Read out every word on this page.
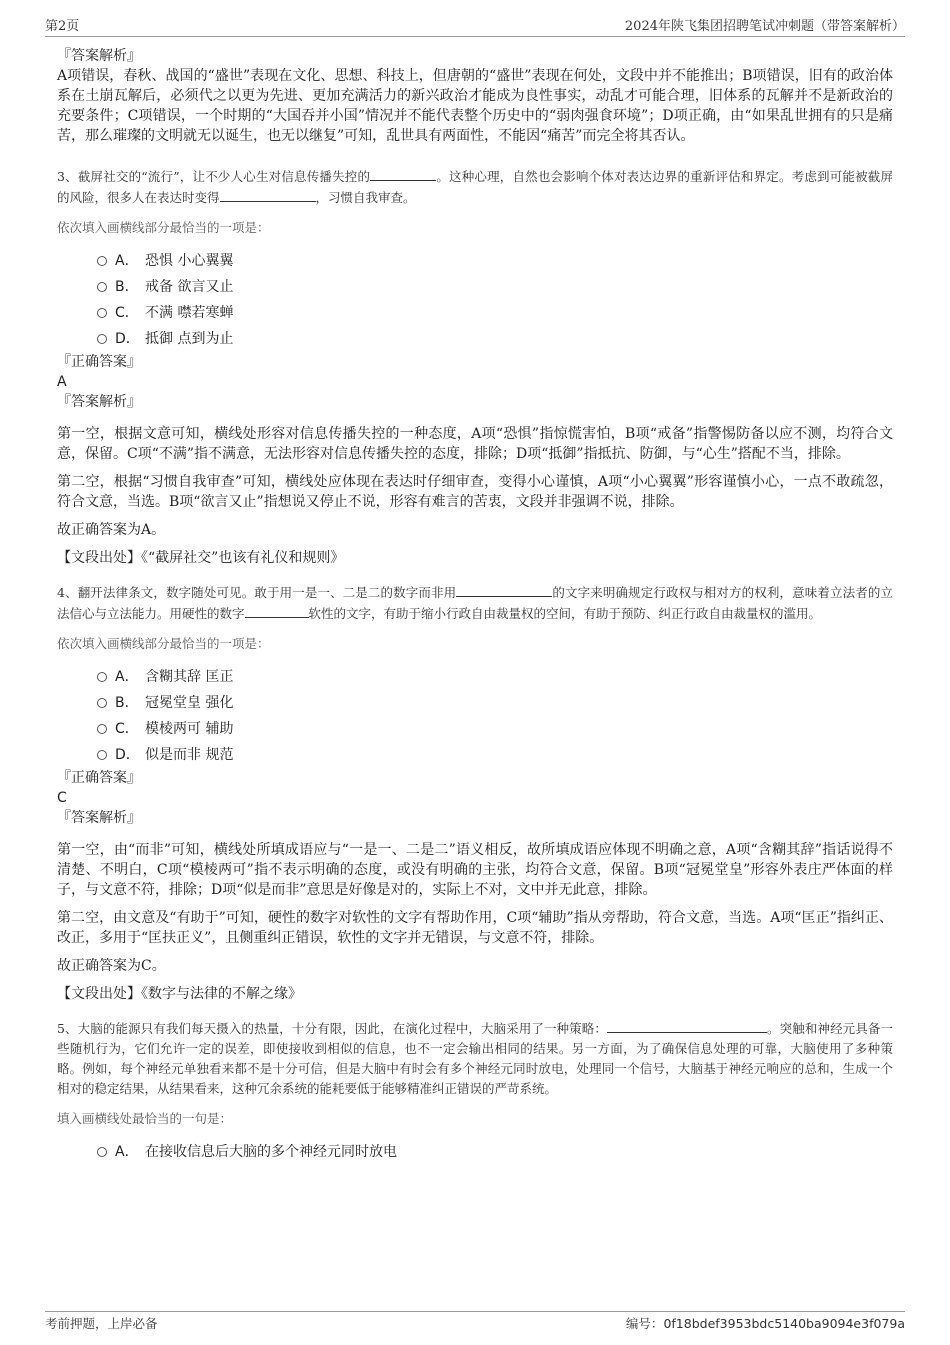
第2页	2024年陕飞集团招聘笔试冲刺题（带答案解析）
『答案解析』

A项错误，春秋、战国的“盛世”表现在文化、思想、科技上，但唐朝的“盛世”表现在何处，文段中并不能推出；B项错误，旧有的政治体系在土崩瓦解后，必须代之以更为先进、更加充满活力的新兴政治才能成为良性事实，动乱才可能合理，旧体系的瓦解并不是新政治的充要条件；C项错误，一个时期的“大国吞并小国”情况并不能代表整个历史中的“弱肉强食环境”；D项正确，由“如果乱世拥有的只是痛苦，那么璀璨的文明就无以诞生，也无以继复”可知，乱世具有两面性，不能因“痛苦”而完全将其否认。

3、截屏社交的“流行”，让不少人心生对信息传播失控的	。这种心理，自然也会影响个体对表达边界的重新评估和界定。考虑到可能被截屏的风险，很多人在表达时变得	，习惯自我审查。

依次填入画横线部分最恰当的一项是：

A． 恐惧 小心翼翼
B． 戒备 欲言又止
C． 不满 噤若寒蝉
D． 抵御 点到为止
『正确答案』
A
『答案解析』

第一空，根据文意可知，横线处形容对信息传播失控的一种态度，A项“恐惧”指惊慌害怕，B项“戒备”指警惕防备以应不测，均符合文意，保留。C项“不满”指不满意，无法形容对信息传播失控的态度，排除；D项“抵御”指抵抗、防御，与“心生”搭配不当，排除。

第二空，根据“习惯自我审查”可知，横线处应体现在表达时仔细审查，变得小心谨慎，A项“小心翼翼”形容谨慎小心，一点不敢疏忽，符合文意，当选。B项“欲言又止”指想说又停止不说，形容有难言的苦衷，文段并非强调不说，排除。

故正确答案为A。

【文段出处】《“截屏社交”也该有礼仪和规则》

4、翻开法律条文，数字随处可见。敢于用一是一、二是二的数字而非用	的文字来明确规定行政权与相对方的权利，意味着立法者的立法信心与立法能力。用硬性的数字	软性的文字，有助于缩小行政自由裁量权的空间，有助于预防、纠正行政自由裁量权的滥用。

依次填入画横线部分最恰当的一项是：

A． 含糊其辞 匡正
B． 冠冕堂皇 强化
C． 模棱两可 辅助
D． 似是而非 规范
『正确答案』
C
『答案解析』

第一空，由“而非”可知，横线处所填成语应与“一是一、二是二”语义相反，故所填成语应体现不明确之意，A项“含糊其辞”指话说得不清楚、不明白，C项“模棱两可”指不表示明确的态度，或没有明确的主张，均符合文意，保留。B项“冠冕堂皇”形容外表庄严体面的样子，与文意不符，排除；D项“似是而非”意思是好像是对的，实际上不对，文中并无此意，排除。

第二空，由文意及“有助于”可知，硬性的数字对软性的文字有帮助作用，C项“辅助”指从旁帮助，符合文意，当选。A项“匡正”指纠正、改正，多用于“匡扶正义”，且侧重纠正错误，软性的文字并无错误，与文意不符，排除。

故正确答案为C。

【文段出处】《数字与法律的不解之缘》

5、大脑的能源只有我们每天摄入的热量，十分有限，因此，在演化过程中，大脑采用了一种策略：	。突触和神经元具备一些随机行为，它们允许一定的误差，即使接收到相似的信息，也不一定会输出相同的结果。另一方面，为了确保信息处理的可靠，大脑使用了多种策略。例如，每个神经元单独看来都不是十分可信，但是大脑中有时会有多个神经元同时放电，处理同一个信号，大脑基于神经元响应的总和，生成一个相对的稳定结果，从结果看来，这种冗余系统的能耗要低于能够精准纠正错误的严苛系统。

填入画横线处最恰当的一句是：

A． 在接收信息后大脑的多个神经元同时放电
考前押题，上岸必备	编号：0f18bdef3953bdc5140ba9094e3f079a
